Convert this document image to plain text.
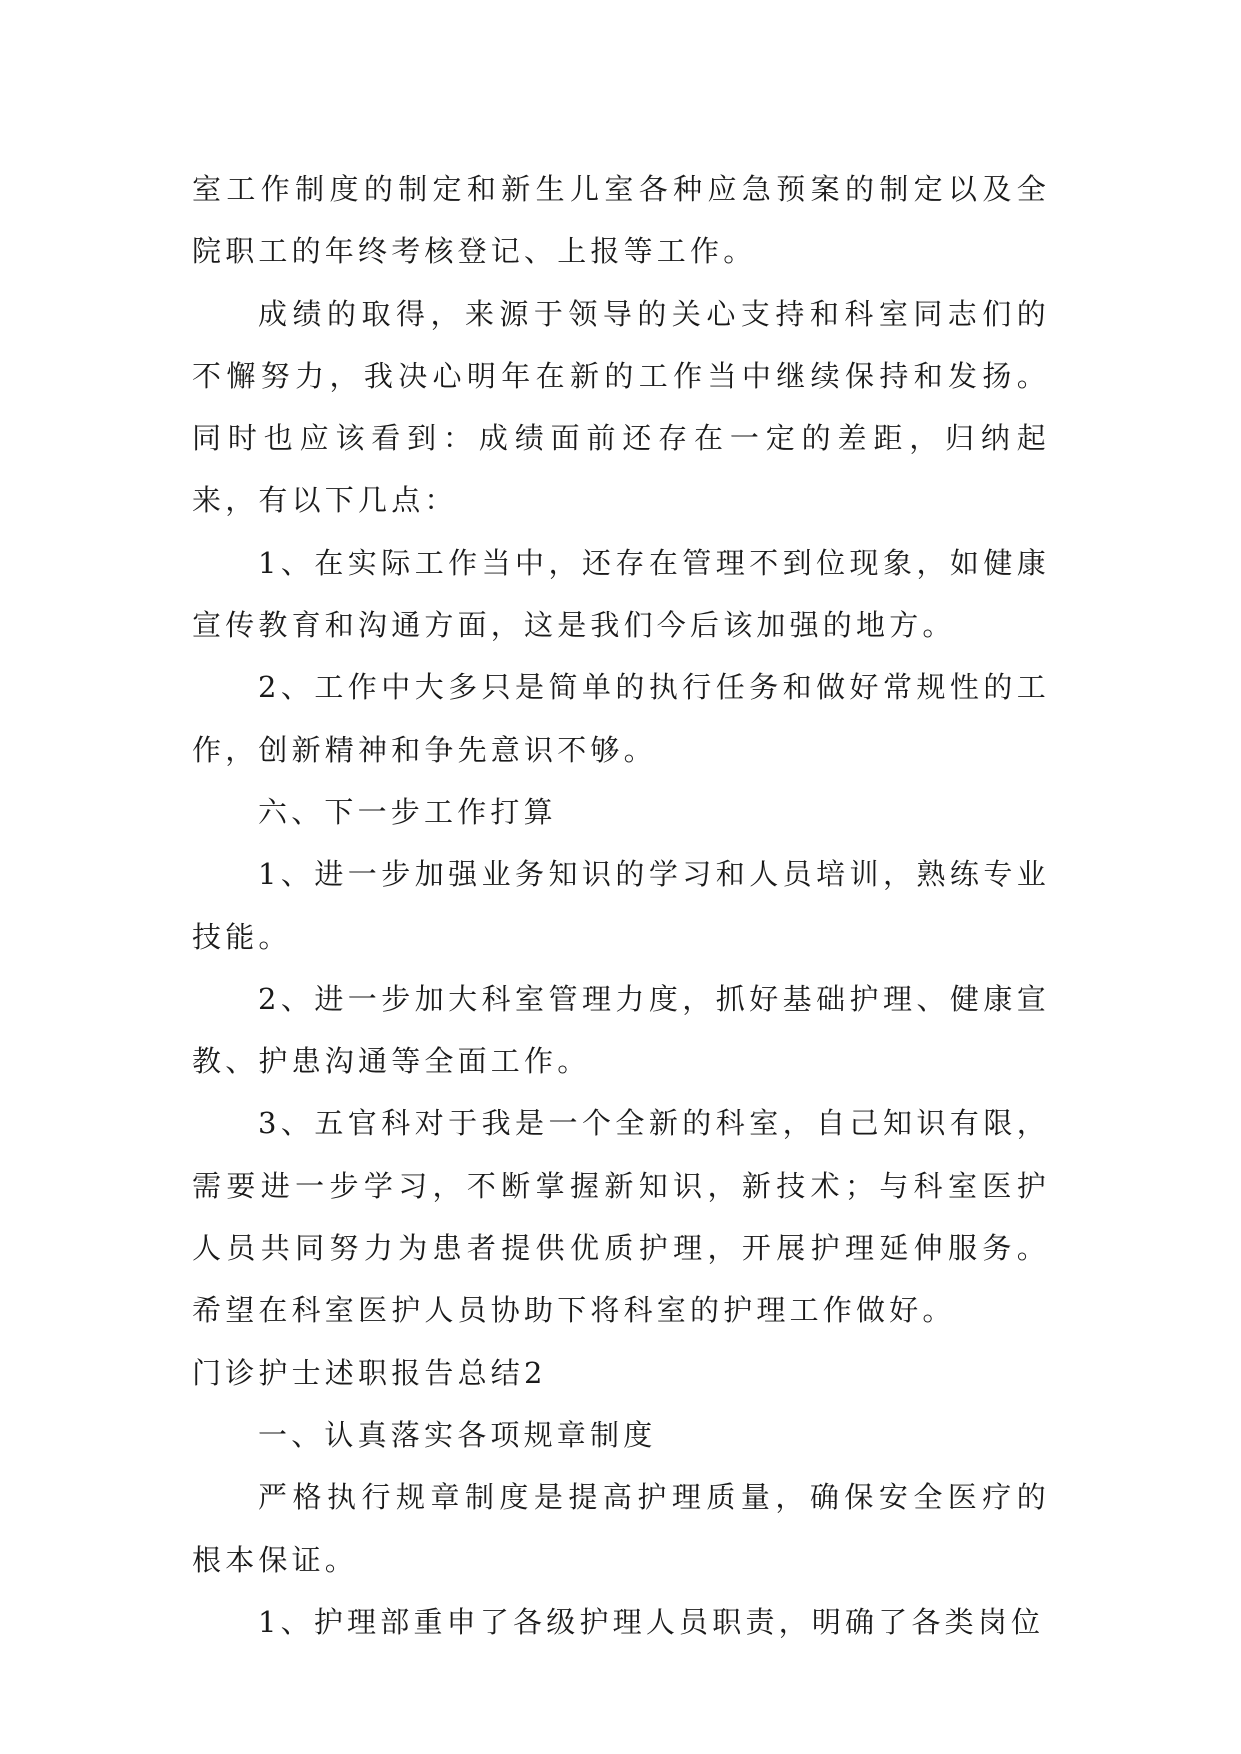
室工作制度的制定和新生儿室各种应急预案的制定以及全院职工的年终考核登记、上报等工作。

成绩的取得，来源于领导的关心支持和科室同志们的不懈努力，我决心明年在新的工作当中继续保持和发扬。同时也应该看到：成绩面前还存在一定的差距，归纳起来，有以下几点：

1、在实际工作当中，还存在管理不到位现象，如健康宣传教育和沟通方面，这是我们今后该加强的地方。

2、工作中大多只是简单的执行任务和做好常规性的工作，创新精神和争先意识不够。

六、下一步工作打算

1、进一步加强业务知识的学习和人员培训，熟练专业技能。

2、进一步加大科室管理力度，抓好基础护理、健康宣教、护患沟通等全面工作。

3、五官科对于我是一个全新的科室，自己知识有限，需要进一步学习，不断掌握新知识，新技术；与科室医护人员共同努力为患者提供优质护理，开展护理延伸服务。希望在科室医护人员协助下将科室的护理工作做好。

门诊护士述职报告总结2

一、认真落实各项规章制度

严格执行规章制度是提高护理质量，确保安全医疗的根本保证。

1、护理部重申了各级护理人员职责，明确了各类岗位
